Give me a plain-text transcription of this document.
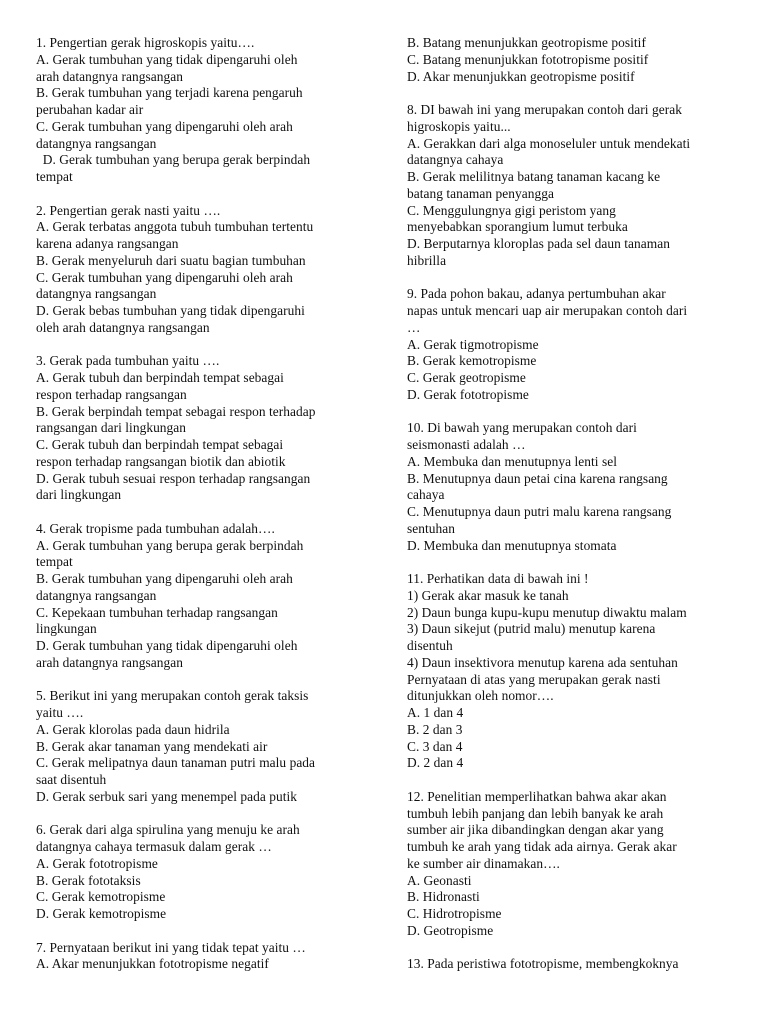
1. Pengertian gerak higroskopis yaitu….
A. Gerak tumbuhan yang tidak dipengaruhi oleh
arah datangnya rangsangan
B. Gerak tumbuhan yang terjadi karena pengaruh
perubahan kadar air
C. Gerak tumbuhan yang dipengaruhi oleh arah
datangnya rangsangan
D. Gerak tumbuhan yang berupa gerak berpindah
tempat
2. Pengertian gerak nasti yaitu ….
A. Gerak terbatas anggota tubuh tumbuhan tertentu
karena adanya rangsangan
B. Gerak menyeluruh dari suatu bagian tumbuhan
C. Gerak tumbuhan yang dipengaruhi oleh arah
datangnya rangsangan
D. Gerak bebas tumbuhan yang tidak dipengaruhi
oleh arah datangnya rangsangan
3. Gerak pada tumbuhan yaitu ….
A. Gerak tubuh dan berpindah tempat sebagai
respon terhadap rangsangan
B. Gerak berpindah tempat sebagai respon terhadap
rangsangan dari lingkungan
C. Gerak tubuh dan berpindah tempat sebagai
respon terhadap rangsangan biotik dan abiotik
D. Gerak tubuh sesuai respon terhadap rangsangan
dari lingkungan
4. Gerak tropisme pada tumbuhan adalah….
A. Gerak tumbuhan yang berupa gerak berpindah
tempat
B. Gerak tumbuhan yang dipengaruhi oleh arah
datangnya rangsangan
C. Kepekaan tumbuhan terhadap rangsangan
lingkungan
D. Gerak tumbuhan yang tidak dipengaruhi oleh
arah datangnya rangsangan
5. Berikut ini yang merupakan contoh gerak taksis
yaitu ….
A. Gerak klorolas pada daun hidrila
B. Gerak akar tanaman yang mendekati air
C. Gerak melipatnya daun tanaman putri malu pada
saat disentuh
D. Gerak serbuk sari yang menempel pada putik
6. Gerak dari alga spirulina yang menuju ke arah
datangnya cahaya termasuk dalam gerak …
A. Gerak fototropisme
B. Gerak fototaksis
C. Gerak kemotropisme
D. Gerak kemotropisme
7. Pernyataan berikut ini yang tidak tepat yaitu …
A. Akar menunjukkan fototropisme negatif
B. Batang menunjukkan geotropisme positif
C. Batang menunjukkan fototropisme positif
D. Akar menunjukkan geotropisme positif
8. DI bawah ini yang merupakan contoh dari gerak
higroskopis yaitu...
A. Gerakkan dari alga monoseluler untuk mendekati
datangnya cahaya
B. Gerak melilitnya batang tanaman kacang ke
batang tanaman penyangga
C. Menggulungnya gigi peristom yang
menyebabkan sporangium lumut terbuka
D. Berputarnya kloroplas pada sel daun tanaman
hibrilla
9. Pada pohon bakau, adanya pertumbuhan akar
napas untuk mencari uap air merupakan contoh dari
…
A. Gerak tigmotropisme
B. Gerak kemotropisme
C. Gerak geotropisme
D. Gerak fototropisme
10. Di bawah yang merupakan contoh dari
seismonasti adalah …
A. Membuka dan menutupnya lenti sel
B. Menutupnya daun petai cina karena rangsang
cahaya
C. Menutupnya daun putri malu karena rangsang
sentuhan
D. Membuka dan menutupnya stomata
11. Perhatikan data di bawah ini !
1) Gerak akar masuk ke tanah
2) Daun bunga kupu-kupu menutup diwaktu malam
3) Daun sikejut (putrid malu) menutup karena
disentuh
4) Daun insektivora menutup karena ada sentuhan
Pernyataan di atas yang merupakan gerak nasti
ditunjukkan oleh nomor….
A. 1 dan 4
B. 2 dan 3
C. 3 dan 4
D. 2 dan 4
12. Penelitian memperlihatkan bahwa akar akan
tumbuh lebih panjang dan lebih banyak ke arah
sumber air jika dibandingkan dengan akar yang
tumbuh ke arah yang tidak ada airnya. Gerak akar
ke sumber air dinamakan….
A. Geonasti
B. Hidronasti
C. Hidrotropisme
D. Geotropisme
13. Pada peristiwa fototropisme, membengkoknya
